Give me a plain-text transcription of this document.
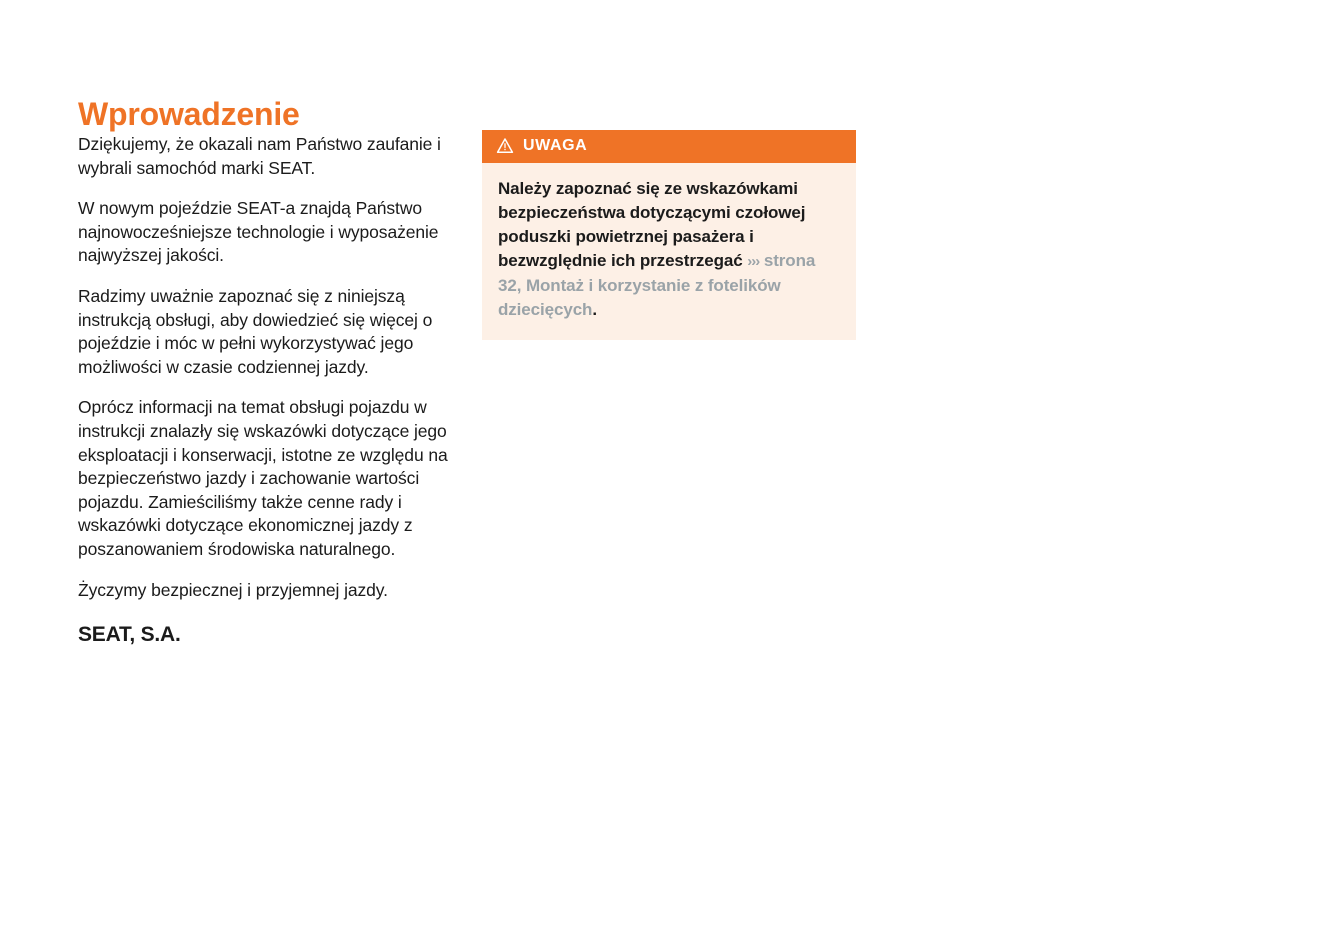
Wprowadzenie

Dziękujemy, że okazali nam Państwo zaufanie i wybrali samochód marki SEAT.

W nowym pojeździe SEAT-a znajdą Państwo najnowocześniejsze technologie i wyposażenie najwyższej jakości.

Radzimy uważnie zapoznać się z niniejszą instrukcją obsługi, aby dowiedzieć się więcej o pojeździe i móc w pełni wykorzystywać jego możliwości w czasie codziennej jazdy.

Oprócz informacji na temat obsługi pojazdu w instrukcji znalazły się wskazówki dotyczące jego eksploatacji i konserwacji, istotne ze względu na bezpieczeństwo jazdy i zachowanie wartości pojazdu. Zamieściliśmy także cenne rady i wskazówki dotyczące ekonomicznej jazdy z poszanowaniem środowiska naturalnego.

Życzymy bezpiecznej i przyjemnej jazdy.

SEAT, S.A.
UWAGA
Należy zapoznać się ze wskazówkami bezpieczeństwa dotyczącymi czołowej poduszki powietrznej pasażera i bezwzględnie ich przestrzegać ››› strona 32, Montaż i korzystanie z fotelików dziecięcych.
